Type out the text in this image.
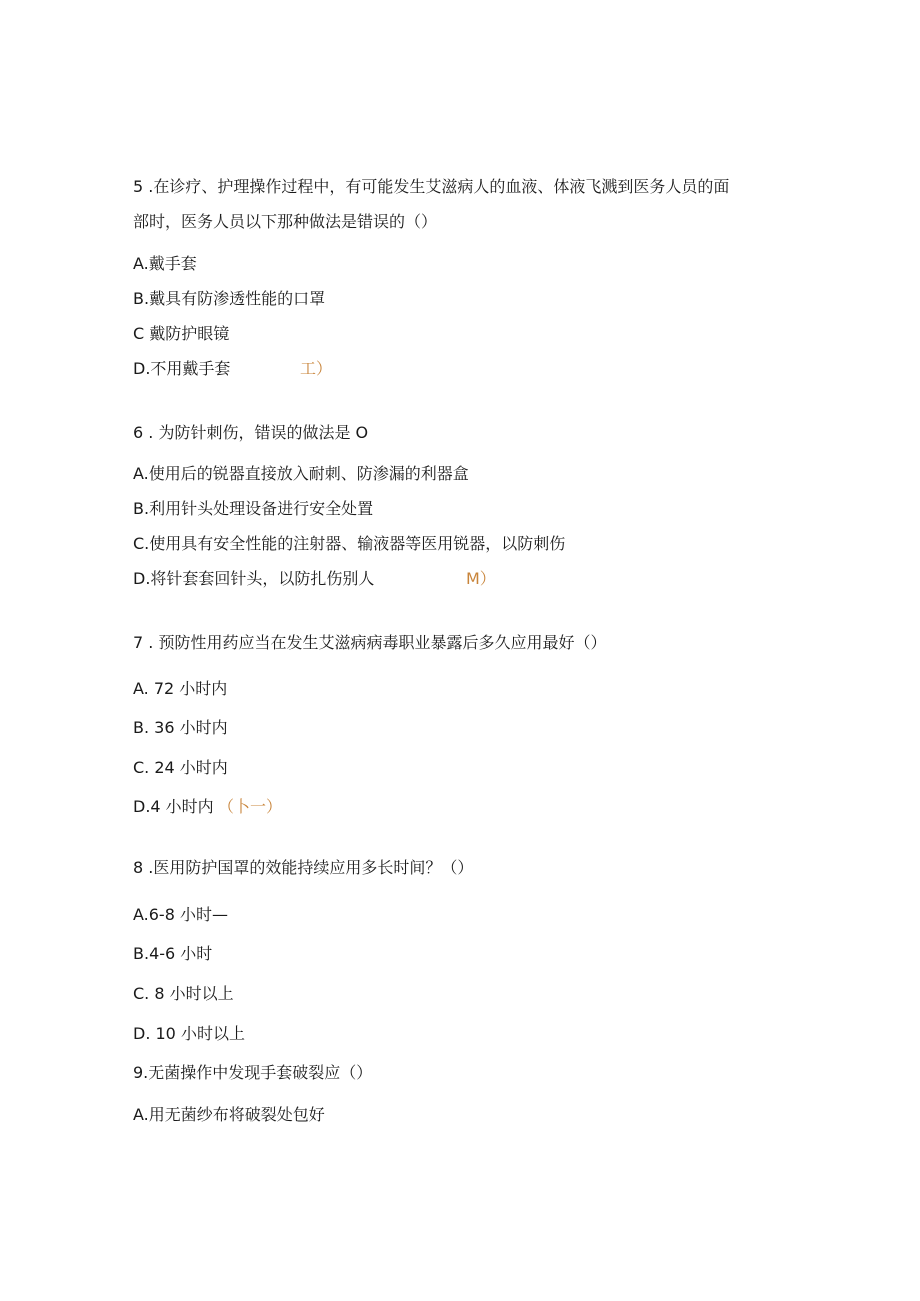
5 .在诊疗、护理操作过程中，有可能发生艾滋病人的血液、体液飞溅到医务人员的面
部时，医务人员以下那种做法是错误的（）
A.戴手套
B.戴具有防渗透性能的口罩
C 戴防护眼镜
D.不用戴手套	工）
6 . 为防针刺伤，错误的做法是 O
A.使用后的锐器直接放入耐刺、防渗漏的利器盒
B.利用针头处理设备进行安全处置
C.使用具有安全性能的注射器、输液器等医用锐器，以防刺伤
D.将针套套回针头，以防扎伤别人	M）
7 . 预防性用药应当在发生艾滋病病毒职业暴露后多久应用最好（）
A. 72 小时内
B. 36 小时内
C. 24 小时内
D.4 小时内 （卜一）
8 .医用防护国罩的效能持续应用多长时间？（）
A.6-8 小时—
B.4-6 小时
C. 8 小时以上
D. 10 小时以上
9.无菌操作中发现手套破裂应（）
A.用无菌纱布将破裂处包好
